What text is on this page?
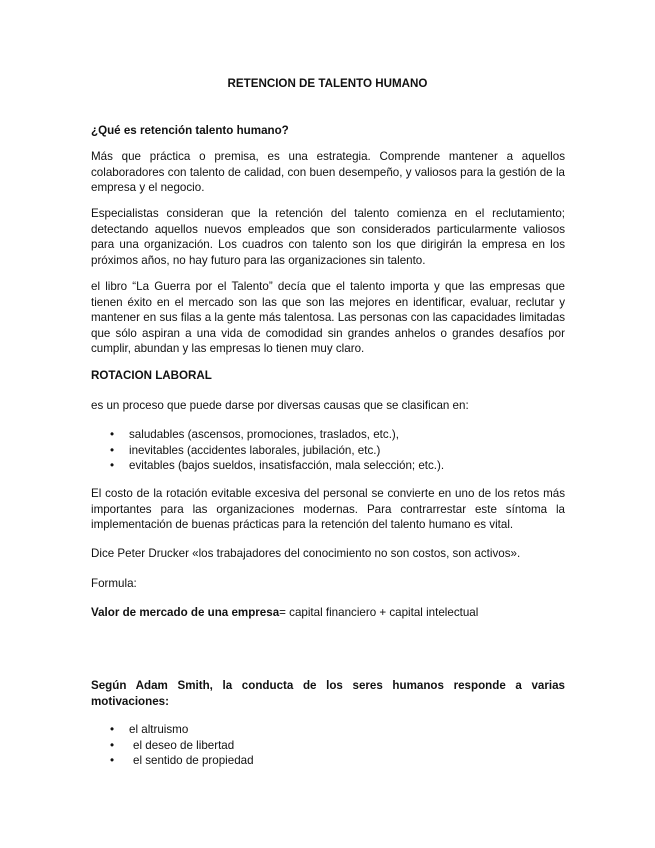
RETENCION DE TALENTO HUMANO

¿Qué es retención talento humano?

Más que práctica o premisa, es una estrategia. Comprende mantener a aquellos colaboradores con talento de calidad, con buen desempeño, y valiosos para la gestión de la empresa y el negocio.

Especialistas consideran que la retención del talento comienza en el reclutamiento; detectando aquellos nuevos empleados que son considerados particularmente valiosos para una organización. Los cuadros con talento son los que dirigirán la empresa en los próximos años, no hay futuro para las organizaciones sin talento.

el libro “La Guerra por el Talento” decía que el talento importa y que las empresas que tienen éxito en el mercado son las que son las mejores en identificar, evaluar, reclutar y mantener en sus filas a la gente más talentosa. Las personas con las capacidades limitadas que sólo aspiran a una vida de comodidad sin grandes anhelos o grandes desafíos por cumplir, abundan y las empresas lo tienen muy claro.

ROTACION LABORAL

es un proceso que puede darse por diversas causas que se clasifican en:

• saludables (ascensos, promociones, traslados, etc.),
• inevitables (accidentes laborales, jubilación, etc.)
• evitables (bajos sueldos, insatisfacción, mala selección; etc.).

El costo de la rotación evitable excesiva del personal se convierte en uno de los retos más importantes para las organizaciones modernas. Para contrarrestar este síntoma la implementación de buenas prácticas para la retención del talento humano es vital.

Dice Peter Drucker «los trabajadores del conocimiento no son costos, son activos».

Formula:

Valor de mercado de una empresa= capital financiero + capital intelectual

Según Adam Smith, la conducta de los seres humanos responde a varias motivaciones:

• el altruismo
• el deseo de libertad
• el sentido de propiedad
